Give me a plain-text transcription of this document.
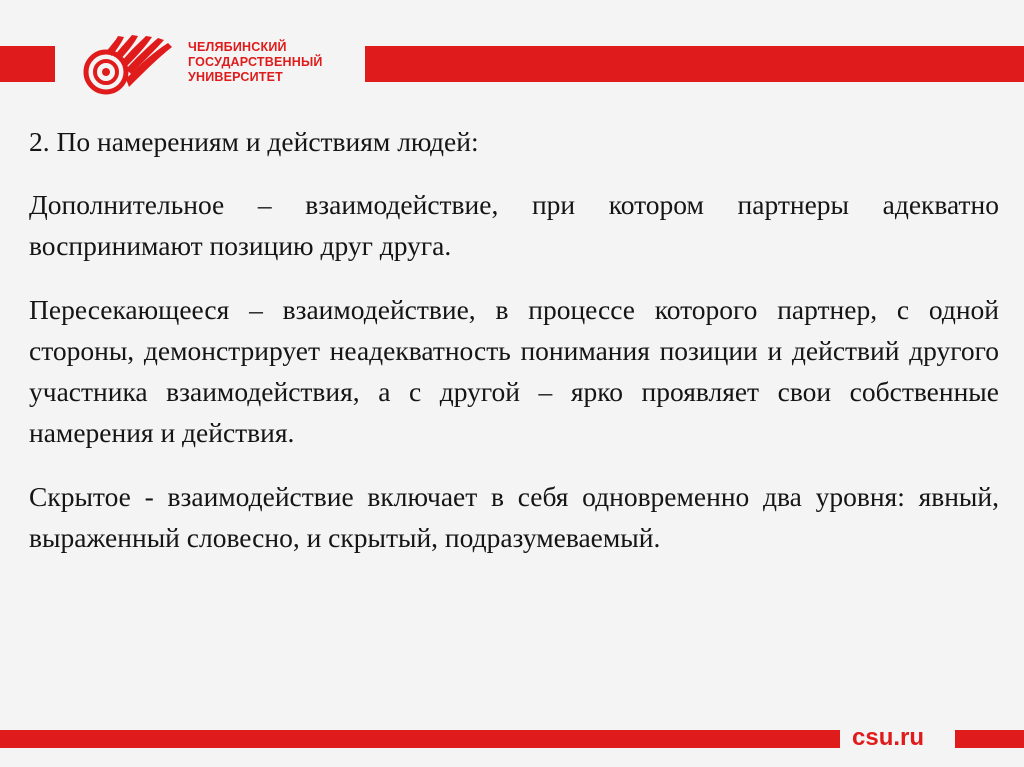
ЧЕЛЯБИНСКИЙ
ГОСУДАРСТВЕННЫЙ
УНИВЕРСИТЕТ
2. По намерениям и действиям людей:
Дополнительное – взаимодействие, при котором партнеры адекватно воспринимают позицию друг друга.
Пересекающееся – взаимодействие, в процессе которого партнер, с одной стороны, демонстрирует неадекватность понимания позиции и действий другого участника взаимодействия, а с другой – ярко проявляет свои собственные намерения и действия.
Скрытое - взаимодействие включает в себя одновременно два уровня: явный, выраженный словесно, и скрытый, подразумеваемый.
csu.ru
